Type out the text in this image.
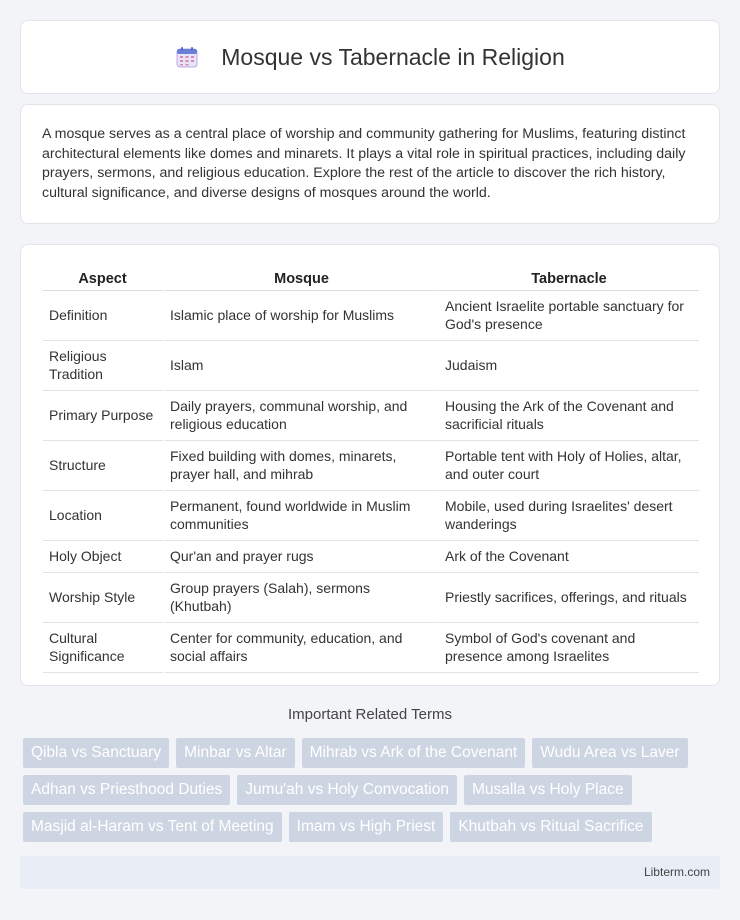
Mosque vs Tabernacle in Religion

A mosque serves as a central place of worship and community gathering for Muslims, featuring distinct architectural elements like domes and minarets. It plays a vital role in spiritual practices, including daily prayers, sermons, and religious education. Explore the rest of the article to discover the rich history, cultural significance, and diverse designs of mosques around the world.

Aspect	Mosque	Tabernacle
Definition	Islamic place of worship for Muslims	Ancient Israelite portable sanctuary for God's presence
Religious Tradition	Islam	Judaism
Primary Purpose	Daily prayers, communal worship, and religious education	Housing the Ark of the Covenant and sacrificial rituals
Structure	Fixed building with domes, minarets, prayer hall, and mihrab	Portable tent with Holy of Holies, altar, and outer court
Location	Permanent, found worldwide in Muslim communities	Mobile, used during Israelites' desert wanderings
Holy Object	Qur'an and prayer rugs	Ark of the Covenant
Worship Style	Group prayers (Salah), sermons (Khutbah)	Priestly sacrifices, offerings, and rituals
Cultural Significance	Center for community, education, and social affairs	Symbol of God's covenant and presence among Israelites
Important Related Terms
Qibla vs Sanctuary	Minbar vs Altar	Mihrab vs Ark of the Covenant	Wudu Area vs Laver
Adhan vs Priesthood Duties	Jumu'ah vs Holy Convocation	Musalla vs Holy Place
Masjid al-Haram vs Tent of Meeting	Imam vs High Priest	Khutbah vs Ritual Sacrifice
Libterm.com
